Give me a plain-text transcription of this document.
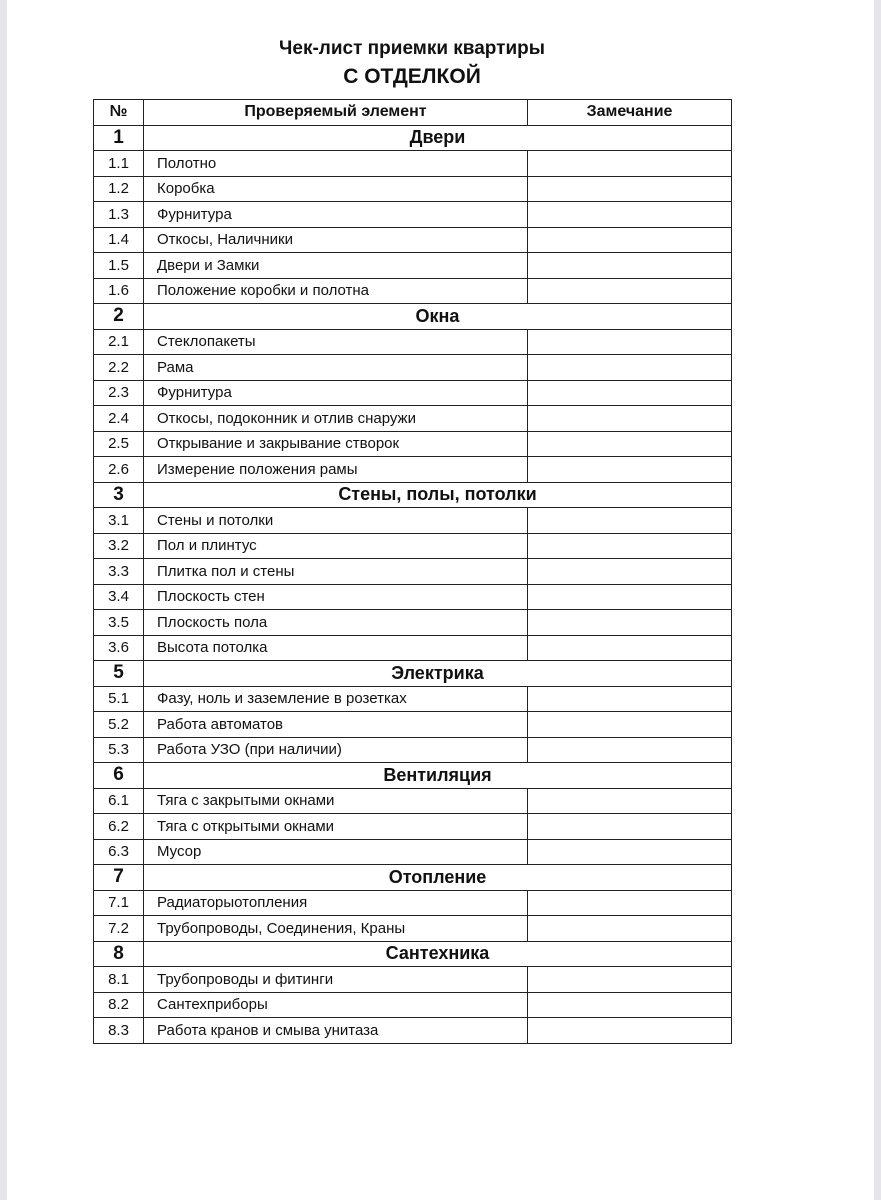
Чек-лист приемки квартиры
С ОТДЕЛКОЙ
№	Проверяемый элемент	Замечание
1	Двери	
1.1	Полотно	
1.2	Коробка	
1.3	Фурнитура	
1.4	Откосы, Наличники	
1.5	Двери и Замки	
1.6	Положение коробки и полотна	
2	Окна	
2.1	Стеклопакеты	
2.2	Рама	
2.3	Фурнитура	
2.4	Откосы, подоконник и отлив снаружи	
2.5	Открывание и закрывание створок	
2.6	Измерение положения рамы	
3	Стены, полы, потолки	
3.1	Стены и потолки	
3.2	Пол и плинтус	
3.3	Плитка пол и стены	
3.4	Плоскость стен	
3.5	Плоскость пола	
3.6	Высота потолка	
5	Электрика	
5.1	Фазу, ноль и заземление в розетках	
5.2	Работа автоматов	
5.3	Работа УЗО (при наличии)	
6	Вентиляция	
6.1	Тяга с закрытыми окнами	
6.2	Тяга с открытыми окнами	
6.3	Мусор	
7	Отопление	
7.1	Радиаторыотопления	
7.2	Трубопроводы, Соединения, Краны	
8	Сантехника	
8.1	Трубопроводы и фитинги	
8.2	Сантехприборы	
8.3	Работа кранов и смыва унитаза	
